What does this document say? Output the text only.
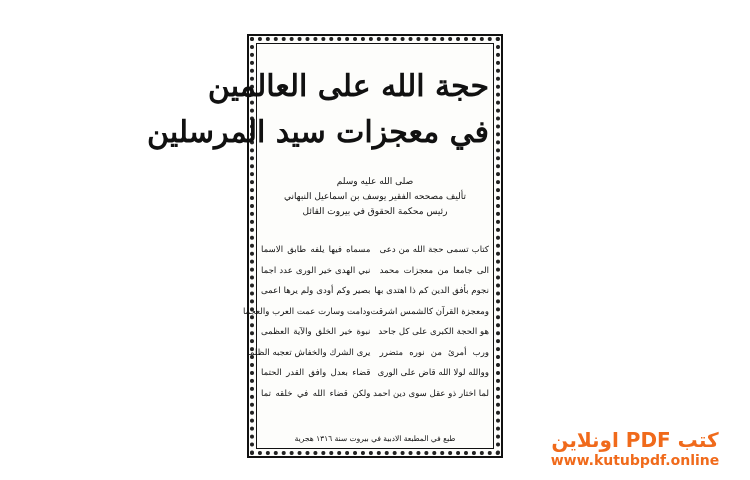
حجة الله على العالمين
في معجزات سيد المرسلين
صلى الله عليه وسلم
تأليف مصححه الفقير يوسف بن اسماعيل النبهاني
رئيس محكمة الحقوق في بيروت القائل
كتاب تسمى حجة الله من دعى
مسماه فيها يلفه طابق الاسما
الى جامعا من معجزات محمد
نبي الهدى خير الورى عدد اجما
نجوم بأفق الدين كم ذا اهتدى بها
بصير وكم أودى ولم يرها اعمى
ومعجزة القرآن كالشمس اشرقت
ودامت وسارت عمت العرب والعجما
هو الحجة الكبرى على كل جاحد
نبوة خير الخلق والآية العظمى
ورب أمرئ من نوره متضرر
يرى الشرك والخفاش تعجبه الظلما
ووالله لولا الله قاض على الورى
قضاء بعدل وافق القدر الحتما
لما اختار ذو عقل سوى دين احمد
ولكن قضاء الله في خلقه تما
طبع في المطبعة الادبية في بيروت سنة ١٣١٦ هجرية	كتب PDF اونلاين
www.kutubpdf.online
